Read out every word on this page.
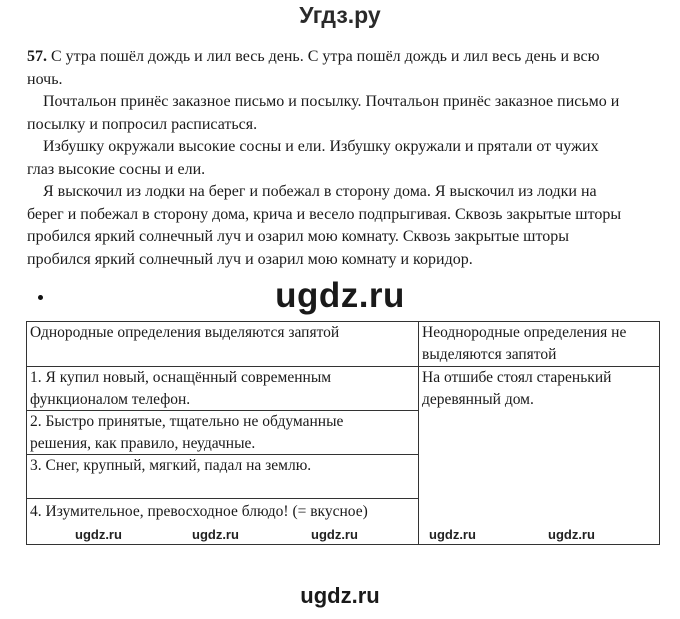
Угдз.ру

57. С утра пошёл дождь и лил весь день. С утра пошёл дождь и лил весь день и всю

ночь.

Почтальон принёс заказное письмо и посылку. Почтальон принёс заказное письмо и

посылку и попросил расписаться.

Избушку окружали высокие сосны и ели. Избушку окружали и прятали от чужих

глаз высокие сосны и ели.

Я выскочил из лодки на берег и побежал в сторону дома. Я выскочил из лодки на

берег и побежал в сторону дома, крича и весело подпрыгивая. Сквозь закрытые шторы

пробился яркий солнечный луч и озарил мою комнату. Сквозь закрытые шторы

пробился яркий солнечный луч и озарил мою комнату и коридор.

ugdz.ru
Однородные определения выделяются запятой	Неоднородные определения не
выделяются запятой
1. Я купил новый, оснащённый современным
функционалом телефон.	На отшибе стоял старенький
деревянный дом.
2. Быстро принятые, тщательно не обдуманные
решения, как правило, неудачные.	
3. Снег, крупный, мягкий, падал на землю.	
4. Изумительное, превосходное блюдо! (= вкусное)	
ugdz.ru	ugdz.ru	ugdz.ru	ugdz.ru	ugdz.ru
ugdz.ru
